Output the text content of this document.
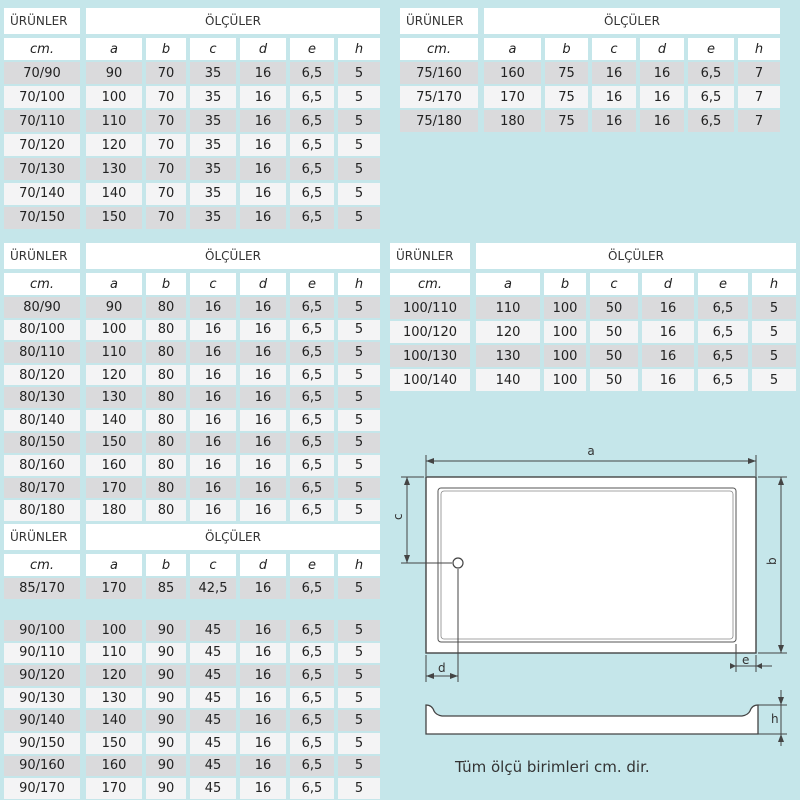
ÜRÜNLER	ÖLÇÜLER
cm.	a	b	c	d	e	h
70/90	90	70	35	16	6,5	5
70/100	100	70	35	16	6,5	5
70/110	110	70	35	16	6,5	5
70/120	120	70	35	16	6,5	5
70/130	130	70	35	16	6,5	5
70/140	140	70	35	16	6,5	5
70/150	150	70	35	16	6,5	5
ÜRÜNLER	ÖLÇÜLER
cm.	a	b	c	d	e	h
75/160	160	75	16	16	6,5	7
75/170	170	75	16	16	6,5	7
75/180	180	75	16	16	6,5	7
ÜRÜNLER	ÖLÇÜLER
cm.	a	b	c	d	e	h
80/90	90	80	16	16	6,5	5
80/100	100	80	16	16	6,5	5
80/110	110	80	16	16	6,5	5
80/120	120	80	16	16	6,5	5
80/130	130	80	16	16	6,5	5
80/140	140	80	16	16	6,5	5
80/150	150	80	16	16	6,5	5
80/160	160	80	16	16	6,5	5
80/170	170	80	16	16	6,5	5
80/180	180	80	16	16	6,5	5
ÜRÜNLER	ÖLÇÜLER
cm.	a	b	c	d	e	h
100/110	110	100	50	16	6,5	5
100/120	120	100	50	16	6,5	5
100/130	130	100	50	16	6,5	5
100/140	140	100	50	16	6,5	5
ÜRÜNLER	ÖLÇÜLER
cm.	a	b	c	d	e	h
85/170	170	85	42,5	16	6,5	5
90/100	100	90	45	16	6,5	5
90/110	110	90	45	16	6,5	5
90/120	120	90	45	16	6,5	5
90/130	130	90	45	16	6,5	5
90/140	140	90	45	16	6,5	5
90/150	150	90	45	16	6,5	5
90/160	160	90	45	16	6,5	5
90/170	170	90	45	16	6,5	5
a
b
c
d
e
h
Tüm ölçü birimleri cm. dir.
